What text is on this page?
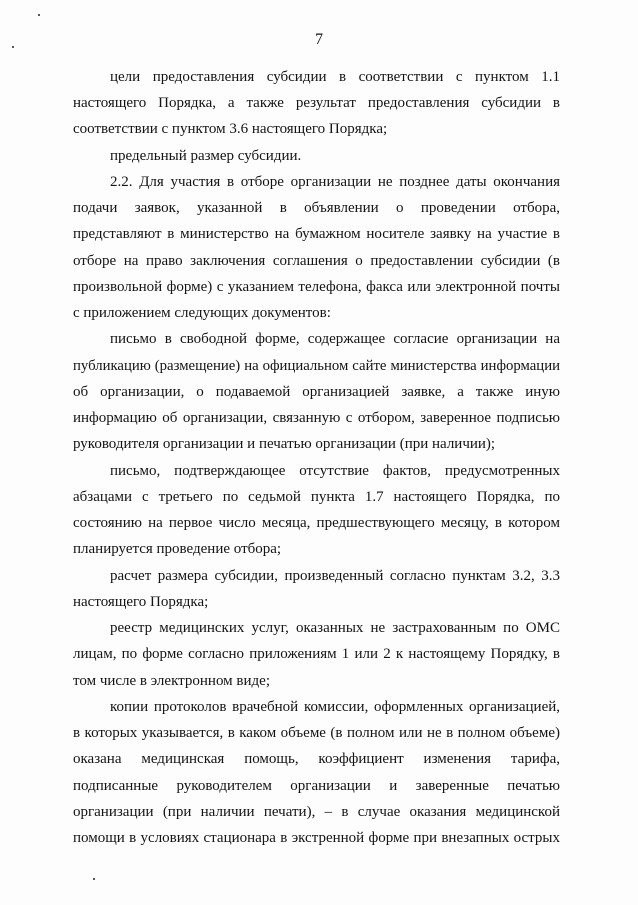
7
цели предоставления субсидии в соответствии с пунктом 1.1
настоящего Порядка, а также результат предоставления субсидии в
соответствии с пунктом 3.6 настоящего Порядка;
предельный размер субсидии.
2.2. Для участия в отборе организации не позднее даты окончания
подачи заявок, указанной в объявлении о проведении отбора,
представляют в министерство на бумажном носителе заявку на участие в
отборе на право заключения соглашения о предоставлении субсидии (в
произвольной форме) с указанием телефона, факса или электронной почты
с приложением следующих документов:
письмо в свободной форме, содержащее согласие организации на
публикацию (размещение) на официальном сайте министерства информации
об организации, о подаваемой организацией заявке, а также иную
информацию об организации, связанную с отбором, заверенное подписью
руководителя организации и печатью организации (при наличии);
письмо, подтверждающее отсутствие фактов, предусмотренных
абзацами с третьего по седьмой пункта 1.7 настоящего Порядка, по
состоянию на первое число месяца, предшествующего месяцу, в котором
планируется проведение отбора;
расчет размера субсидии, произведенный согласно пунктам 3.2, 3.3
настоящего Порядка;
реестр медицинских услуг, оказанных не застрахованным по ОМС
лицам, по форме согласно приложениям 1 или 2 к настоящему Порядку, в
том числе в электронном виде;
копии протоколов врачебной комиссии, оформленных организацией,
в которых указывается, в каком объеме (в полном или не в полном объеме)
оказана медицинская помощь, коэффициент изменения тарифа,
подписанные руководителем организации и заверенные печатью
организации (при наличии печати), – в случае оказания медицинской
помощи в условиях стационара в экстренной форме при внезапных острых
